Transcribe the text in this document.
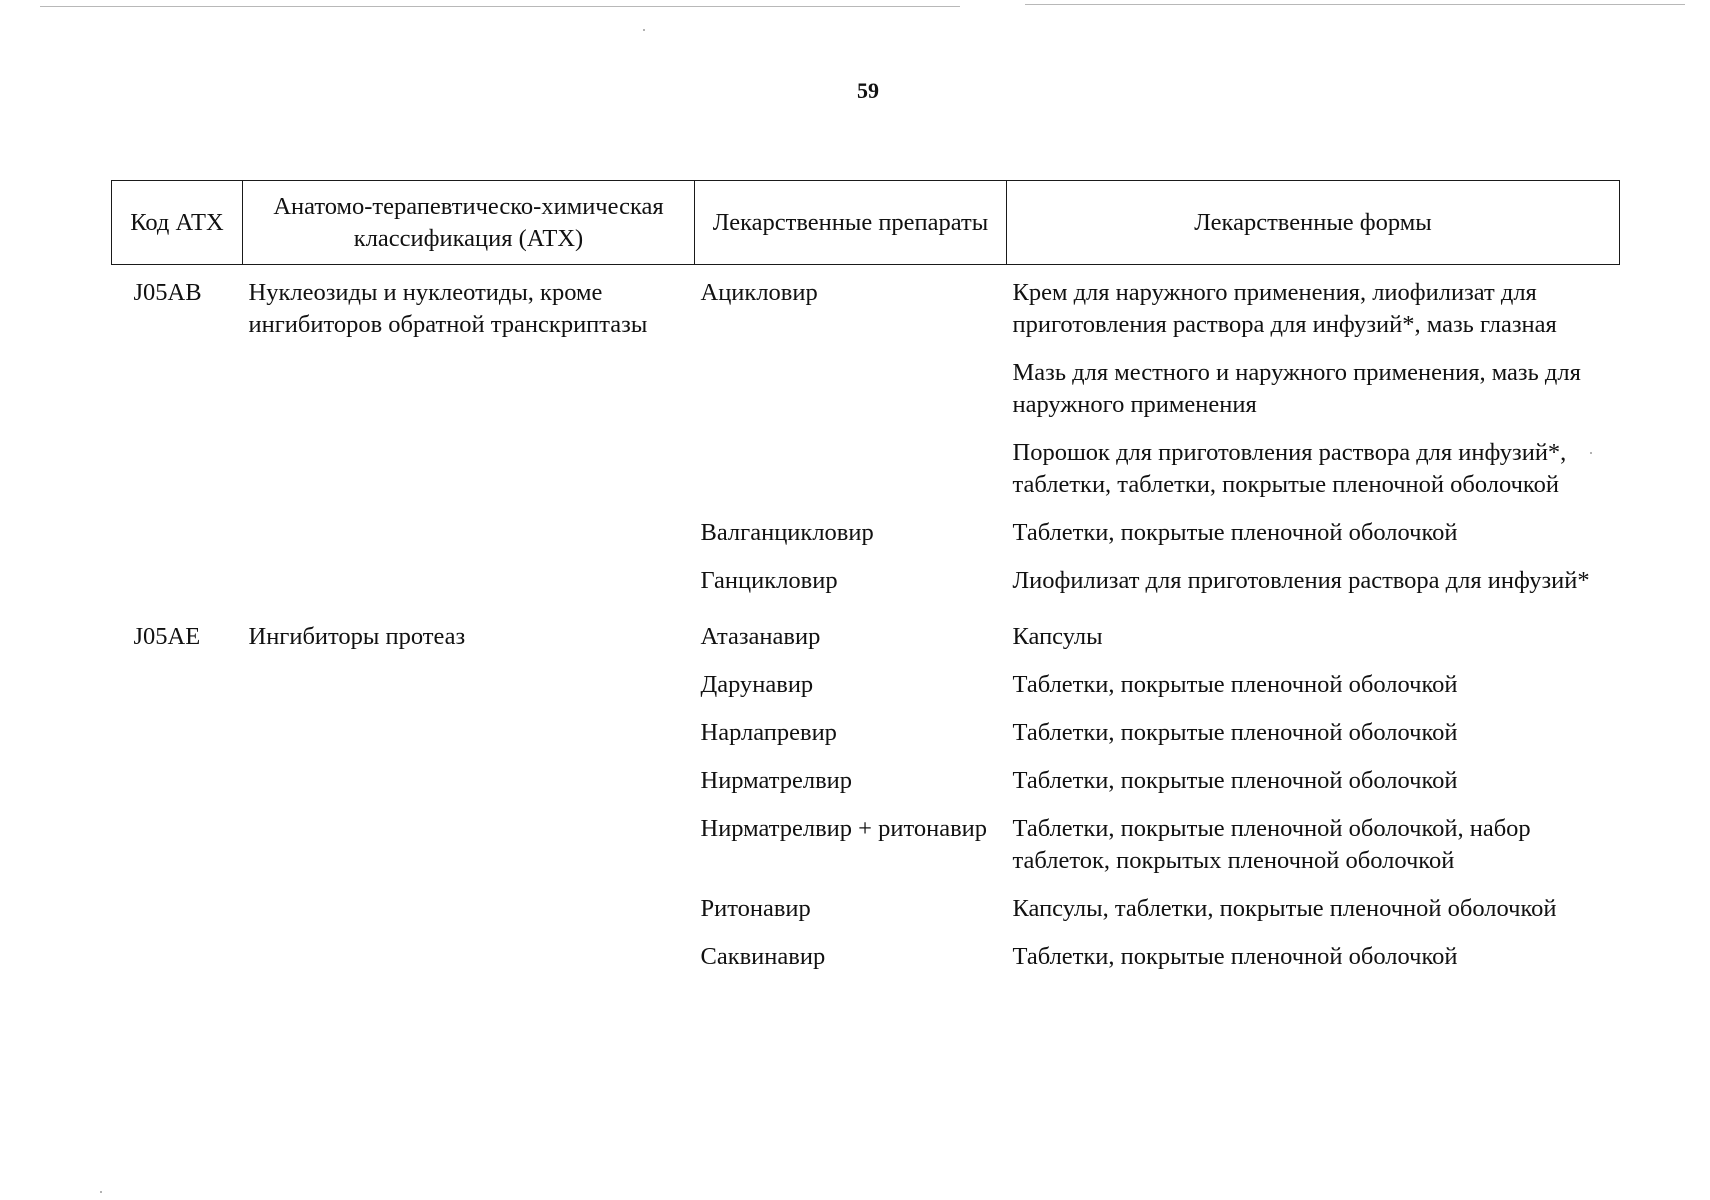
59
Код АТХ	Анатомо-терапевтическо-химическая классификация (АТХ)	Лекарственные препараты	Лекарственные формы
J05AB	Нуклеозиды и нуклеотиды, кроме ингибиторов обратной транскриптазы	Ацикловир	Крем для наружного применения, лиофилизат для приготовления раствора для инфузий*, мазь глазная
			Мазь для местного и наружного применения, мазь для наружного применения
			Порошок для приготовления раствора для инфузий*, таблетки, таблетки, покрытые пленочной оболочкой
		Валганцикловир	Таблетки, покрытые пленочной оболочкой
		Ганцикловир	Лиофилизат для приготовления раствора для инфузий*
J05AE	Ингибиторы протеаз	Атазанавир	Капсулы
		Дарунавир	Таблетки, покрытые пленочной оболочкой
		Нарлапревир	Таблетки, покрытые пленочной оболочкой
		Нирматрелвир	Таблетки, покрытые пленочной оболочкой
		Нирматрелвир + ритонавир	Таблетки, покрытые пленочной оболочкой, набор таблеток, покрытых пленочной оболочкой
		Ритонавир	Капсулы, таблетки, покрытые пленочной оболочкой
		Саквинавир	Таблетки, покрытые пленочной оболочкой
